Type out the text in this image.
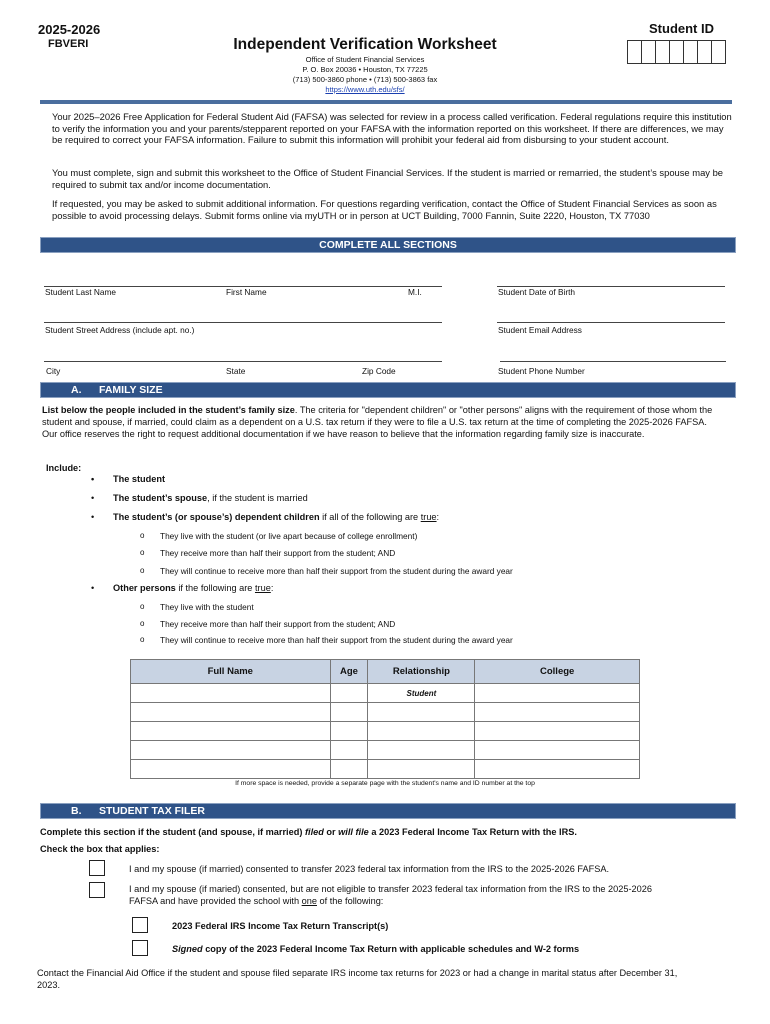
2025-2026
FBVERI	Independent Verification Worksheet
Office of Student Financial Services
P. O. Box 20036 • Houston, TX 77225
(713) 500-3860 phone • (713) 500-3863 fax
https://www.uth.edu/sfs/
Student ID
Your 2025–2026 Free Application for Federal Student Aid (FAFSA) was selected for review in a process called verification. Federal regulations require this institution to verify the information you and your parents/stepparent reported on your FAFSA with the information reported on this worksheet. If there are differences, we may be required to correct your FAFSA information. Failure to submit this information will prohibit your federal aid from disbursing to your student account.
You must complete, sign and submit this worksheet to the Office of Student Financial Services. If the student is married or remarried, the student’s spouse may be required to submit tax and/or income documentation.
If requested, you may be asked to submit additional information. For questions regarding verification, contact the Office of Student Financial Services as soon as possible to avoid processing delays. Submit forms online via myUTH or in person at UCT Building, 7000 Fannin, Suite 2220, Houston, TX 77030
COMPLETE ALL SECTIONS
Student Last Name	First Name	M.I.	Student Date of Birth
Student Street Address (include apt. no.)	Student Email Address
City	State	Zip Code	Student Phone Number
A.	FAMILY SIZE
List below the people included in the student’s family size. The criteria for "dependent children" or "other persons" aligns with the requirement of those whom the student and spouse, if married, could claim as a dependent on a U.S. tax return if they were to file a U.S. tax return at the time of completing the 2025-2026 FAFSA. Our office reserves the right to request additional documentation if we have reason to believe that the information regarding family size is inaccurate.
Include:
• The student
• The student’s spouse, if the student is married
• The student’s (or spouse’s) dependent children if all of the following are true:
o They live with the student (or live apart because of college enrollment)
o They receive more than half their support from the student; AND
o They will continue to receive more than half their support from the student during the award year
• Other persons if the following are true:
o They live with the student
o They receive more than half their support from the student; AND
o They will continue to receive more than half their support from the student during the award year
Full Name	Age	Relationship	College
		Student	

If more space is needed, provide a separate page with the student's name and ID number at the top
B.	STUDENT TAX FILER
Complete this section if the student (and spouse, if married) filed or will file a 2023 Federal Income Tax Return with the IRS.
Check the box that applies:
I and my spouse (if married) consented to transfer 2023 federal tax information from the IRS to the 2025-2026 FAFSA.
I and my spouse (if maried) consented, but are not eligible to transfer 2023 federal tax information from the IRS to the 2025-2026 FAFSA and have provided the school with one of the following:
2023 Federal IRS Income Tax Return Transcript(s)
Signed copy of the 2023 Federal Income Tax Return with applicable schedules and W-2 forms
Contact the Financial Aid Office if the student and spouse filed separate IRS income tax returns for 2023 or had a change in marital status after December 31, 2023.
